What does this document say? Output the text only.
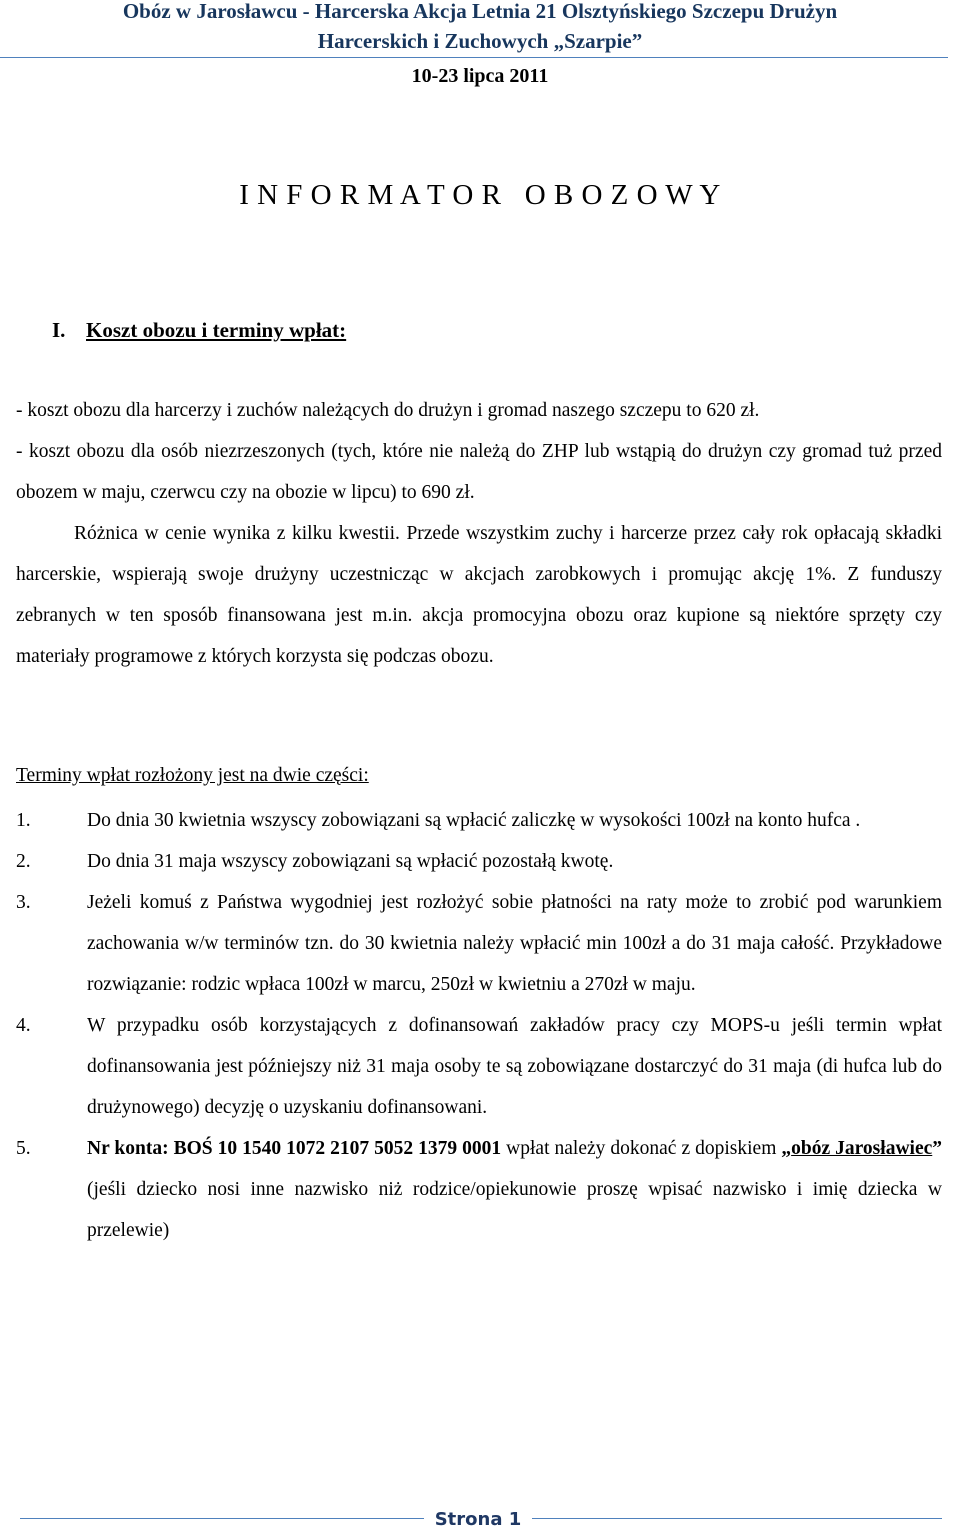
Obóz w Jarosławcu - Harcerska Akcja Letnia 21 Olsztyńskiego Szczepu Drużyn
Harcerskich i Zuchowych „Szarpie”
10-23 lipca 2011
I N F O R M A T O R   O B O Z O W Y
I. Koszt obozu i terminy wpłat:
- koszt obozu dla harcerzy i zuchów należących do drużyn i gromad naszego szczepu to 620 zł.
- koszt obozu dla osób niezrzeszonych (tych, które nie należą do ZHP lub wstąpią do drużyn czy gromad tuż przed obozem w maju, czerwcu czy na obozie w lipcu) to 690 zł.
Różnica w cenie wynika z kilku kwestii. Przede wszystkim zuchy i harcerze przez cały rok opłacają składki harcerskie, wspierają swoje drużyny uczestnicząc w akcjach zarobkowych i promując akcję 1%. Z funduszy zebranych w ten sposób finansowana jest m.in. akcja promocyjna obozu oraz kupione są niektóre sprzęty czy materiały programowe z których korzysta się podczas obozu.
Terminy wpłat rozłożony jest na dwie części:
1.	Do dnia 30 kwietnia wszyscy zobowiązani są wpłacić zaliczkę w wysokości 100zł na konto hufca .
2.	Do dnia 31 maja wszyscy zobowiązani są wpłacić pozostałą kwotę.
3.	Jeżeli komuś z Państwa wygodniej jest rozłożyć sobie płatności na raty może to zrobić pod warunkiem zachowania w/w terminów tzn. do 30 kwietnia należy wpłacić min 100zł a do 31 maja całość. Przykładowe rozwiązanie: rodzic wpłaca 100zł w marcu, 250zł w kwietniu a 270zł w maju.
4.	W przypadku osób korzystających z dofinansowań zakładów pracy czy MOPS-u jeśli termin wpłat dofinansowania jest późniejszy niż 31 maja osoby te są zobowiązane dostarczyć do 31 maja (di hufca lub do drużynowego) decyzję o uzyskaniu dofinansowani.
5.	Nr konta: BOŚ 10 1540 1072 2107 5052 1379 0001 wpłat należy dokonać z dopiskiem „obóz Jarosławiec” (jeśli dziecko nosi inne nazwisko niż rodzice/opiekunowie proszę wpisać nazwisko i imię dziecka w przelewie)
Strona 1
